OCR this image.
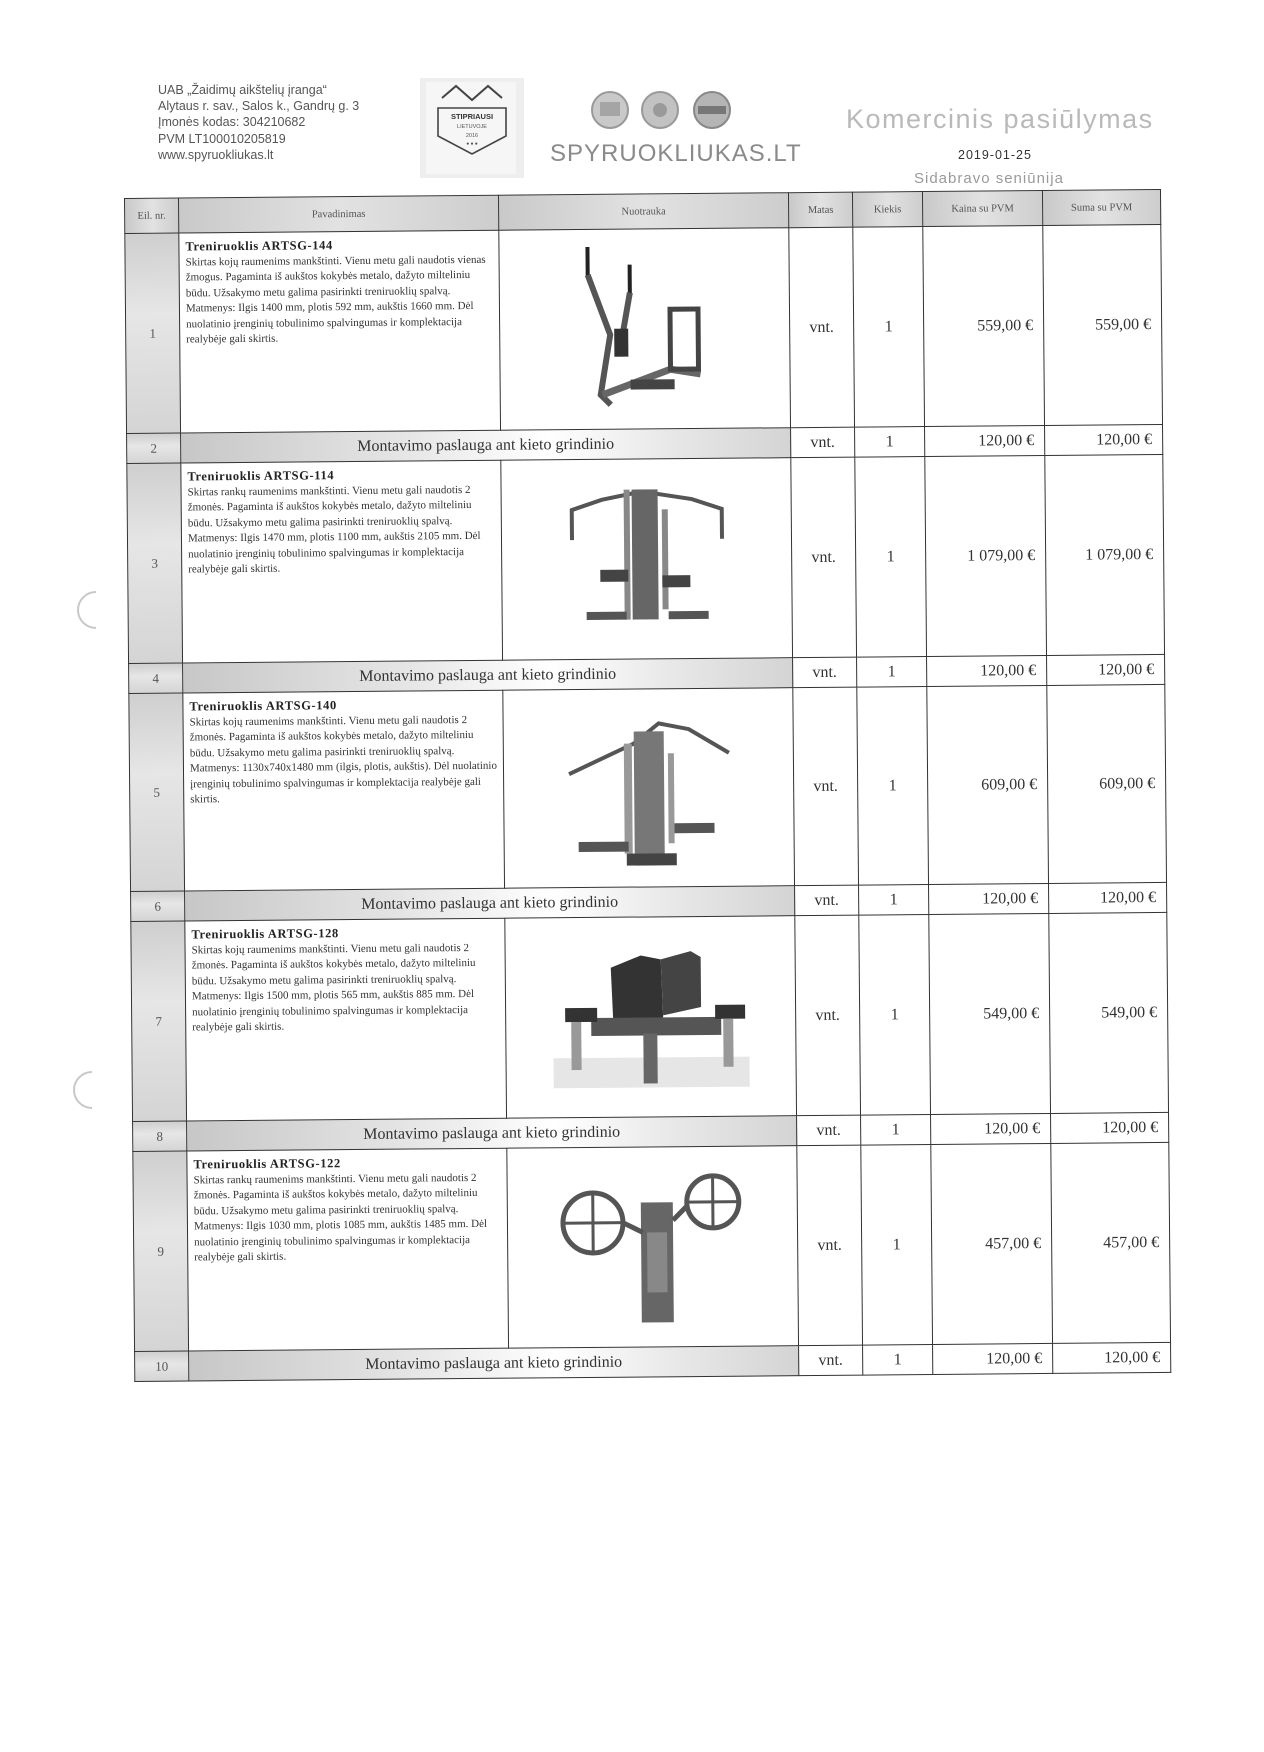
UAB „Žaidimų aikštelių įranga“
Alytaus r. sav., Salos k., Gandrų g. 3
Įmonės kodas: 304210682
PVM LT100010205819
www.spyruokliukas.lt
STIPRIAUSI
LIETUVOJE
2016
● ● ●	SPYRUOKLIUKAS.LT
Komercinis pasiūlymas
2019-01-25
Sidabravo seniūnija
Eil. nr.	Pavadinimas	Nuotrauka	Matas	Kiekis	Kaina su PVM	Suma su PVM
1	Treniruoklis ARTSG-144
Skirtas kojų raumenims mankštinti. Vienu metu gali naudotis vienas žmogus. Pagaminta iš aukštos kokybės metalo, dažyto milteliniu būdu. Užsakymo metu galima pasirinkti treniruoklių spalvą. Matmenys: Ilgis 1400 mm, plotis 592 mm, aukštis 1660 mm. Dėl nuolatinio įrenginių tobulinimo spalvingumas ir komplektacija realybėje gali skirtis.		vnt.	1	559,00 €	559,00 €
2	Montavimo paslauga ant kieto grindinio		vnt.	1	120,00 €	120,00 €
3	Treniruoklis ARTSG-114
Skirtas rankų raumenims mankštinti. Vienu metu gali naudotis 2 žmonės. Pagaminta iš aukštos kokybės metalo, dažyto milteliniu būdu. Užsakymo metu galima pasirinkti treniruoklių spalvą. Matmenys: Ilgis 1470 mm, plotis 1100 mm, aukštis 2105 mm. Dėl nuolatinio įrenginių tobulinimo spalvingumas ir komplektacija realybėje gali skirtis.		vnt.	1	1 079,00 €	1 079,00 €
4	Montavimo paslauga ant kieto grindinio		vnt.	1	120,00 €	120,00 €
5	Treniruoklis ARTSG-140
Skirtas kojų raumenims mankštinti. Vienu metu gali naudotis 2 žmonės. Pagaminta iš aukštos kokybės metalo, dažyto milteliniu būdu. Užsakymo metu galima pasirinkti treniruoklių spalvą. Matmenys: 1130x740x1480 mm (ilgis, plotis, aukštis). Dėl nuolatinio įrenginių tobulinimo spalvingumas ir komplektacija realybėje gali skirtis.		vnt.	1	609,00 €	609,00 €
6	Montavimo paslauga ant kieto grindinio		vnt.	1	120,00 €	120,00 €
7	Treniruoklis ARTSG-128
Skirtas kojų raumenims mankštinti. Vienu metu gali naudotis 2 žmonės. Pagaminta iš aukštos kokybės metalo, dažyto milteliniu būdu. Užsakymo metu galima pasirinkti treniruoklių spalvą. Matmenys: Ilgis 1500 mm, plotis 565 mm, aukštis 885 mm. Dėl nuolatinio įrenginių tobulinimo spalvingumas ir komplektacija realybėje gali skirtis.		vnt.	1	549,00 €	549,00 €
8	Montavimo paslauga ant kieto grindinio		vnt.	1	120,00 €	120,00 €
9	Treniruoklis ARTSG-122
Skirtas rankų raumenims mankštinti. Vienu metu gali naudotis 2 žmonės. Pagaminta iš aukštos kokybės metalo, dažyto milteliniu būdu. Užsakymo metu galima pasirinkti treniruoklių spalvą. Matmenys: Ilgis 1030 mm, plotis 1085 mm, aukštis 1485 mm. Dėl nuolatinio įrenginių tobulinimo spalvingumas ir komplektacija realybėje gali skirtis.		vnt.	1	457,00 €	457,00 €
10	Montavimo paslauga ant kieto grindinio		vnt.	1	120,00 €	120,00 €
